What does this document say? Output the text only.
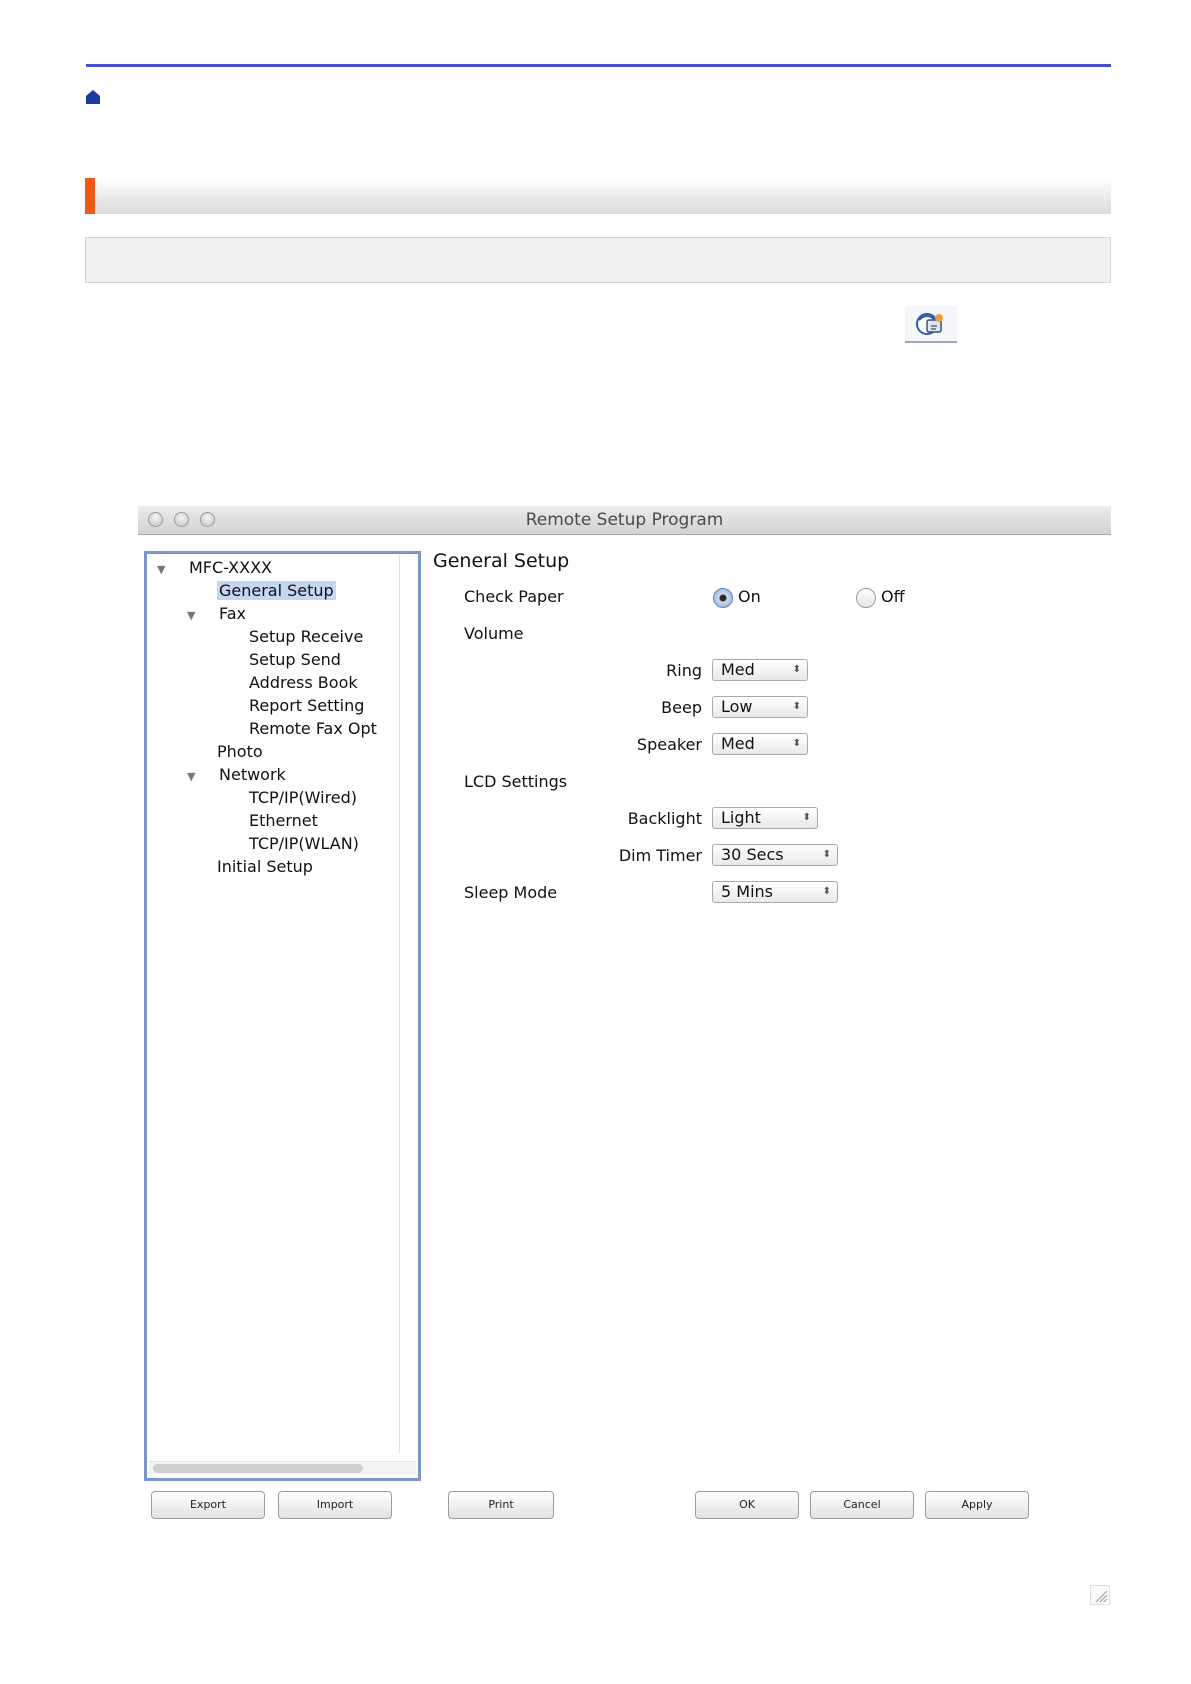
Remote Setup Program
▼ MFC-XXXX
General Setup
▼ Fax
Setup Receive
Setup Send
Address Book
Report Setting
Remote Fax Opt
Photo
▼ Network
TCP/IP(Wired)
Ethernet
TCP/IP(WLAN)
Initial Setup
General Setup
Check Paper	On	Off
Volume
Ring	Med	⬍
Beep	Low	⬍
Speaker	Med	⬍
LCD Settings
Backlight	Light	⬍
Dim Timer	30 Secs	⬍
Sleep Mode	5 Mins	⬍
Export	Import	Print	OK	Cancel	Apply
